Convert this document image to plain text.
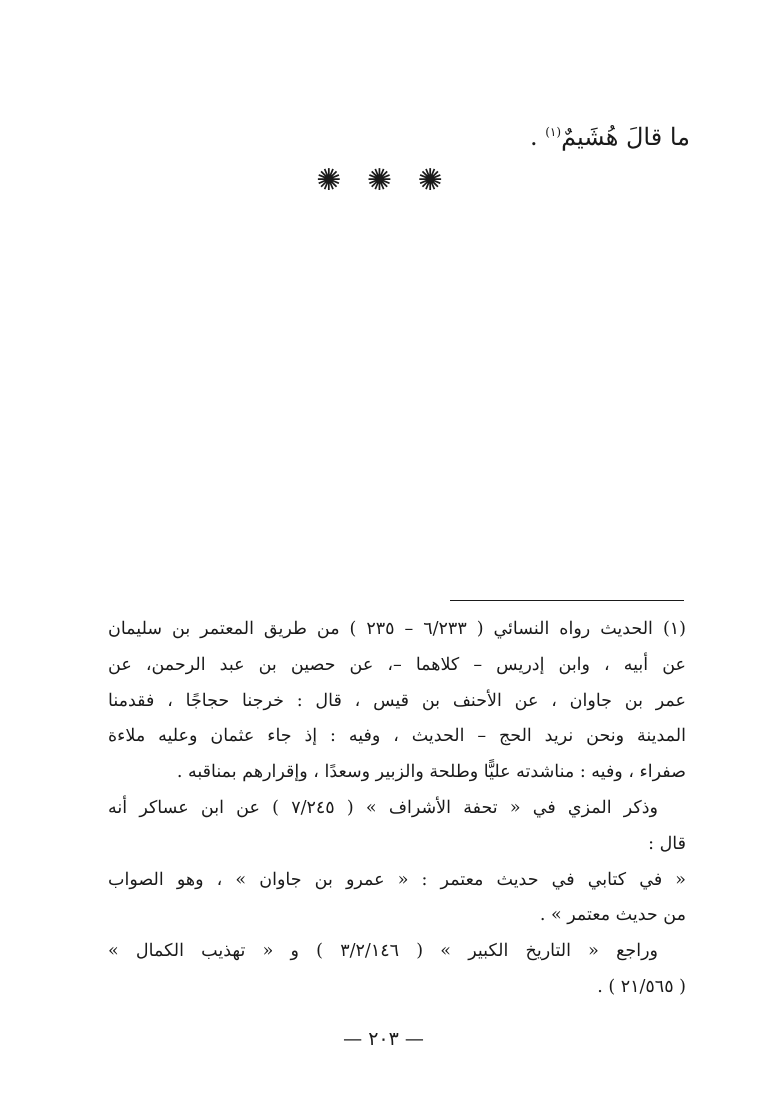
ما قالَ هُشَيمٌ$^{(١)}$ .
✺ ✺ ✺
(١)الحديث رواه النسائي ( ٦/٢٣٣ – ٢٣٥ ) من طريق المعتمر بن سليمان
عن أبيه ، وابن إدريس – كلاهما –، عن حصين بن عبد الرحمن، عن
عمر بن جاوان ، عن الأحنف بن قيس ، قال : خرجنا حجاجًا ، فقدمنا
المدينة ونحن نريد الحج – الحديث ، وفيه : إذ جاء عثمان وعليه ملاءة
صفراء ، وفيه : مناشدته عليًّا وطلحة والزبير وسعدًا ، وإقرارهم بمناقبه .
وذكر المزي في « تحفة الأشراف » ( ٧/٢٤٥ ) عن ابن عساكر أنه
قال :
« في كتابي في حديث معتمر : « عمرو بن جاوان » ، وهو الصواب
من حديث معتمر » .
وراجع « التاريخ الكبير » ( ٣/٢/١٤٦ ) و « تهذيب الكمال »
( ٢١/٥٦٥ ) .
— ٢٠٣ —
